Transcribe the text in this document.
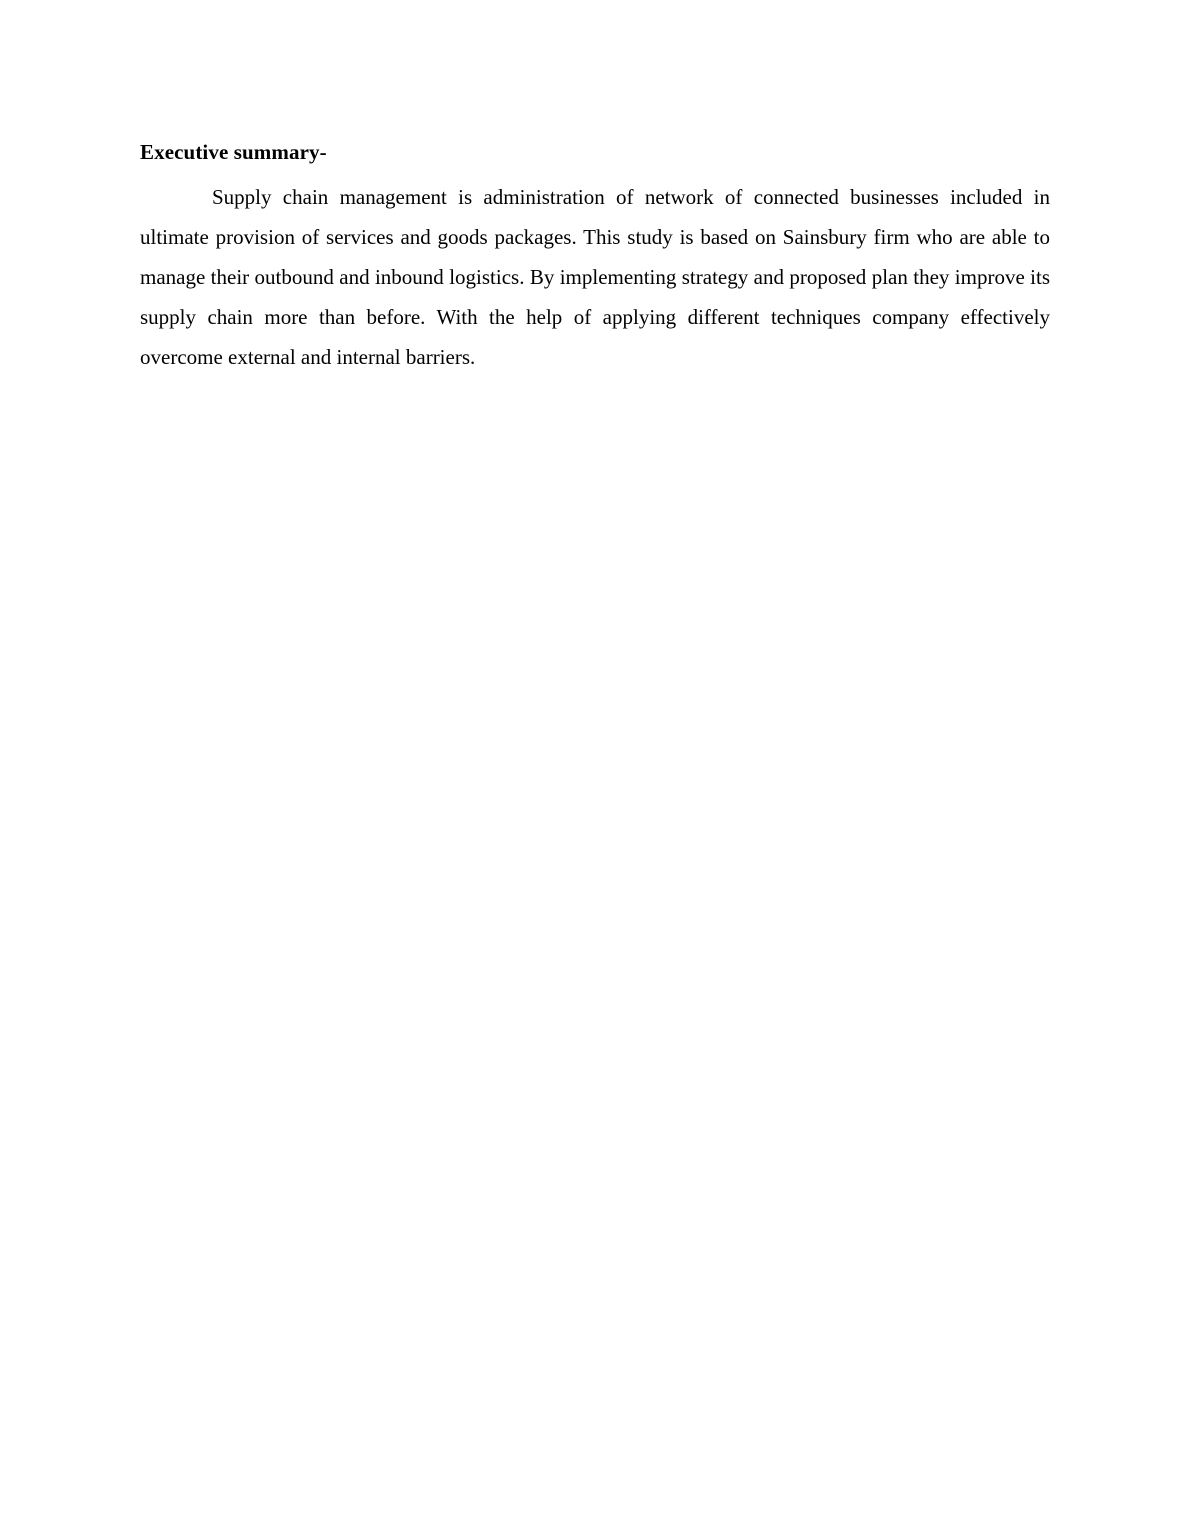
Executive summary-

Supply chain management is administration of network of connected businesses included in ultimate provision of services and goods packages. This study is based on Sainsbury firm who are able to manage their outbound and inbound logistics. By implementing strategy and proposed plan they improve its supply chain more than before. With the help of applying different techniques company effectively overcome external and internal barriers.
